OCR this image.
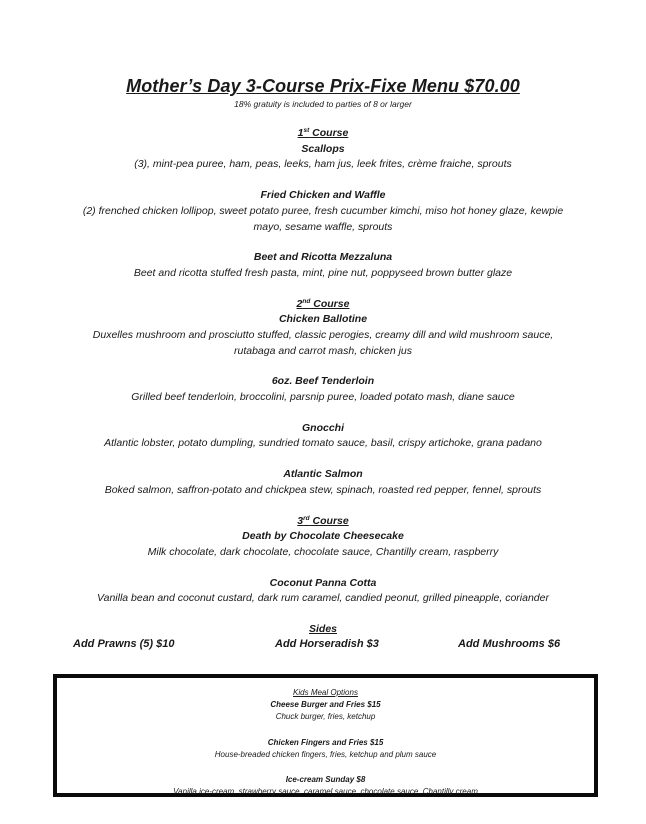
Mother’s Day 3-Course Prix-Fixe Menu $70.00
18% gratuity is included to parties of 8 or larger
1st Course
Scallops
(3), mint-pea puree, ham, peas, leeks, ham jus, leek frites, crème fraiche, sprouts
Fried Chicken and Waffle
(2) frenched chicken lollipop, sweet potato puree, fresh cucumber kimchi, miso hot honey glaze, kewpie
mayo, sesame waffle, sprouts
Beet and Ricotta Mezzaluna
Beet and ricotta stuffed fresh pasta, mint, pine nut, poppyseed brown butter glaze
2nd Course
Chicken Ballotine
Duxelles mushroom and prosciutto stuffed, classic perogies, creamy dill and wild mushroom sauce,
rutabaga and carrot mash, chicken jus
6oz. Beef Tenderloin
Grilled beef tenderloin, broccolini, parsnip puree, loaded potato mash, diane sauce
Gnocchi
Atlantic lobster, potato dumpling, sundried tomato sauce, basil, crispy artichoke, grana padano
Atlantic Salmon
Boked salmon, saffron-potato and chickpea stew, spinach, roasted red pepper, fennel, sprouts
3rd Course
Death by Chocolate Cheesecake
Milk chocolate, dark chocolate, chocolate sauce, Chantilly cream, raspberry
Coconut Panna Cotta
Vanilla bean and coconut custard, dark rum caramel, candied peonut, grilled pineapple, coriander
Sides
Add Prawns (5) $10	Add Horseradish $3	Add Mushrooms $6
Kids Meal Options
Cheese Burger and Fries $15
Chuck burger, fries, ketchup
Chicken Fingers and Fries $15
House-breaded chicken fingers, fries, ketchup and plum sauce
Ice-cream Sunday $8
Vanilla ice-cream, strawberry sauce, caramel sauce, chocolate sauce, Chantilly cream
